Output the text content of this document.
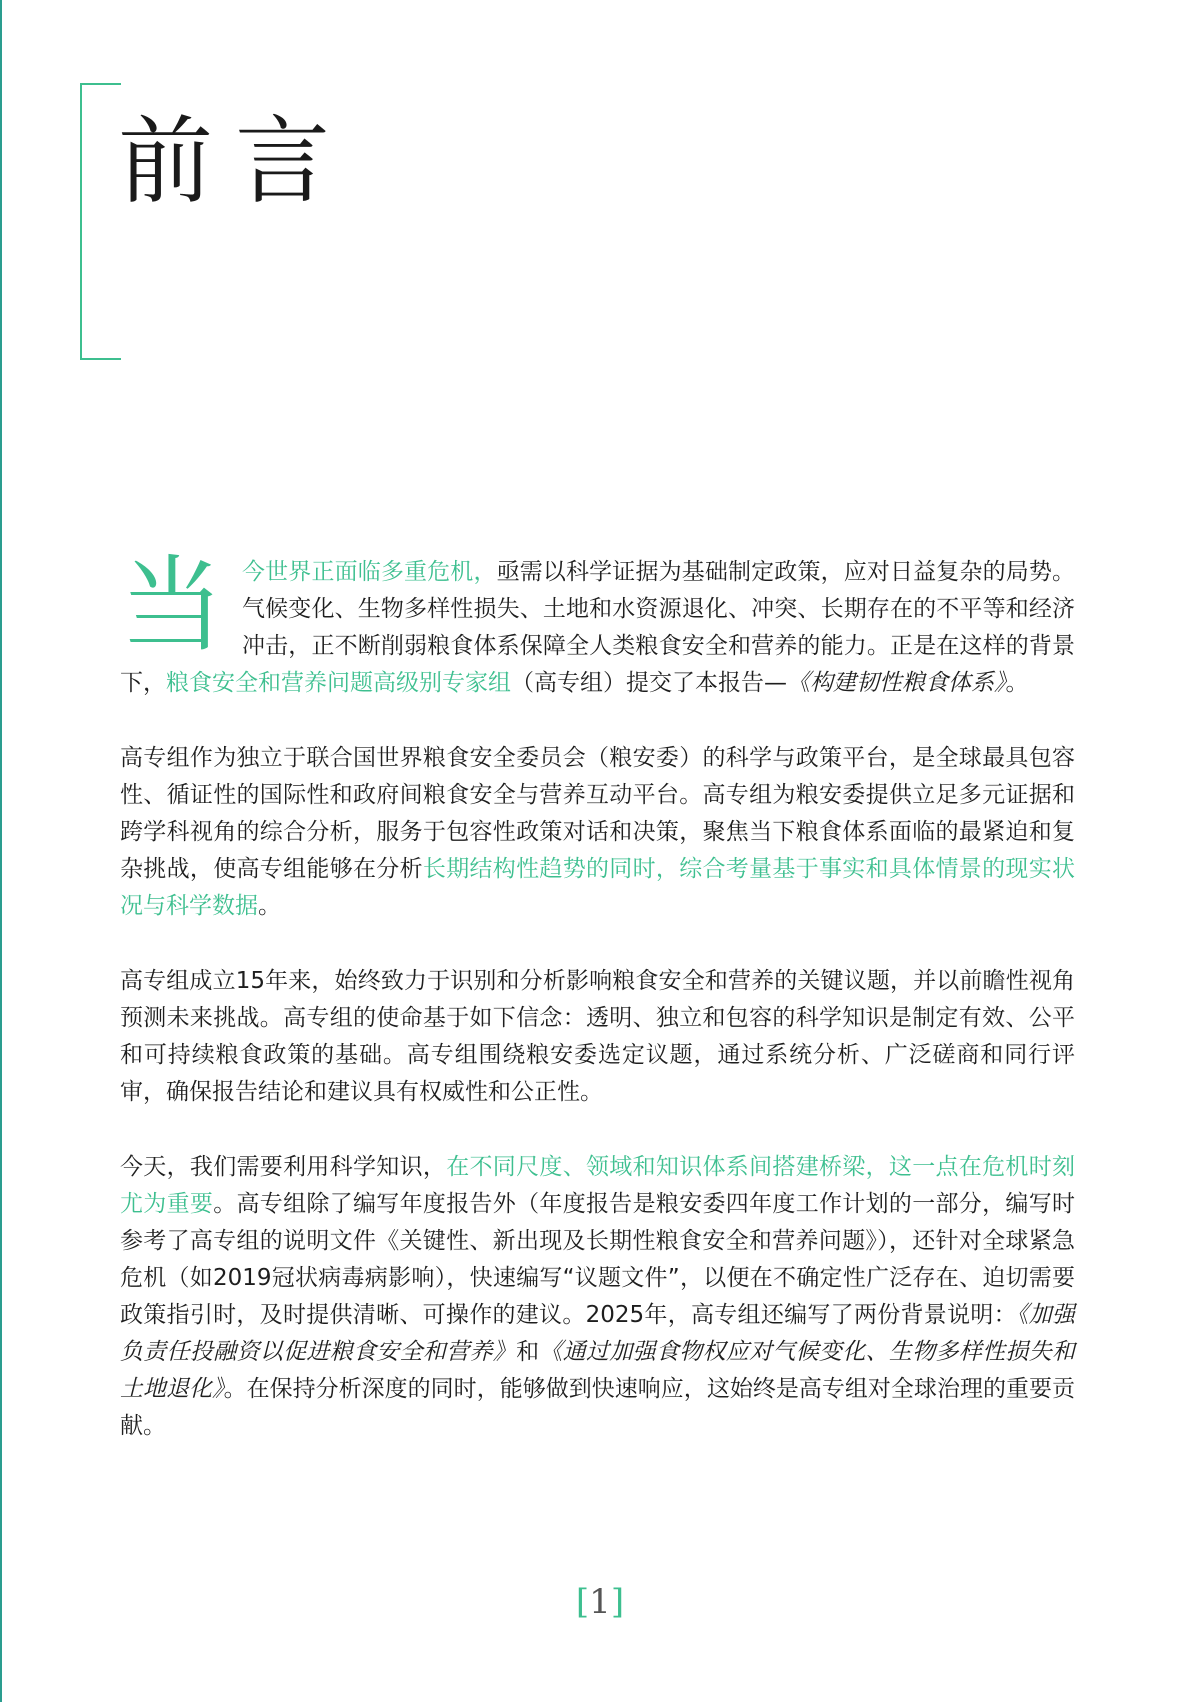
前言

当今世界正面临多重危机，亟需以科学证据为基础制定政策，应对日益复杂的局势。气候变化、生物多样性损失、土地和水资源退化、冲突、长期存在的不平等和经济冲击，正不断削弱粮食体系保障全人类粮食安全和营养的能力。正是在这样的背景下，粮食安全和营养问题高级别专家组（高专组）提交了本报告—《构建韧性粮食体系》。

高专组作为独立于联合国世界粮食安全委员会（粮安委）的科学与政策平台，是全球最具包容性、循证性的国际性和政府间粮食安全与营养互动平台。高专组为粮安委提供立足多元证据和跨学科视角的综合分析，服务于包容性政策对话和决策，聚焦当下粮食体系面临的最紧迫和复杂挑战，使高专组能够在分析长期结构性趋势的同时，综合考量基于事实和具体情景的现实状况与科学数据。

高专组成立15年来，始终致力于识别和分析影响粮食安全和营养的关键议题，并以前瞻性视角预测未来挑战。高专组的使命基于如下信念：透明、独立和包容的科学知识是制定有效、公平和可持续粮食政策的基础。高专组围绕粮安委选定议题，通过系统分析、广泛磋商和同行评审，确保报告结论和建议具有权威性和公正性。

今天，我们需要利用科学知识，在不同尺度、领域和知识体系间搭建桥梁，这一点在危机时刻尤为重要。高专组除了编写年度报告外（年度报告是粮安委四年度工作计划的一部分，编写时参考了高专组的说明文件《关键性、新出现及长期性粮食安全和营养问题》），还针对全球紧急危机（如2019冠状病毒病影响），快速编写“议题文件”，以便在不确定性广泛存在、迫切需要政策指引时，及时提供清晰、可操作的建议。2025年，高专组还编写了两份背景说明：《加强负责任投融资以促进粮食安全和营养》和《通过加强食物权应对气候变化、生物多样性损失和土地退化》。在保持分析深度的同时，能够做到快速响应，这始终是高专组对全球治理的重要贡献。

[1]
